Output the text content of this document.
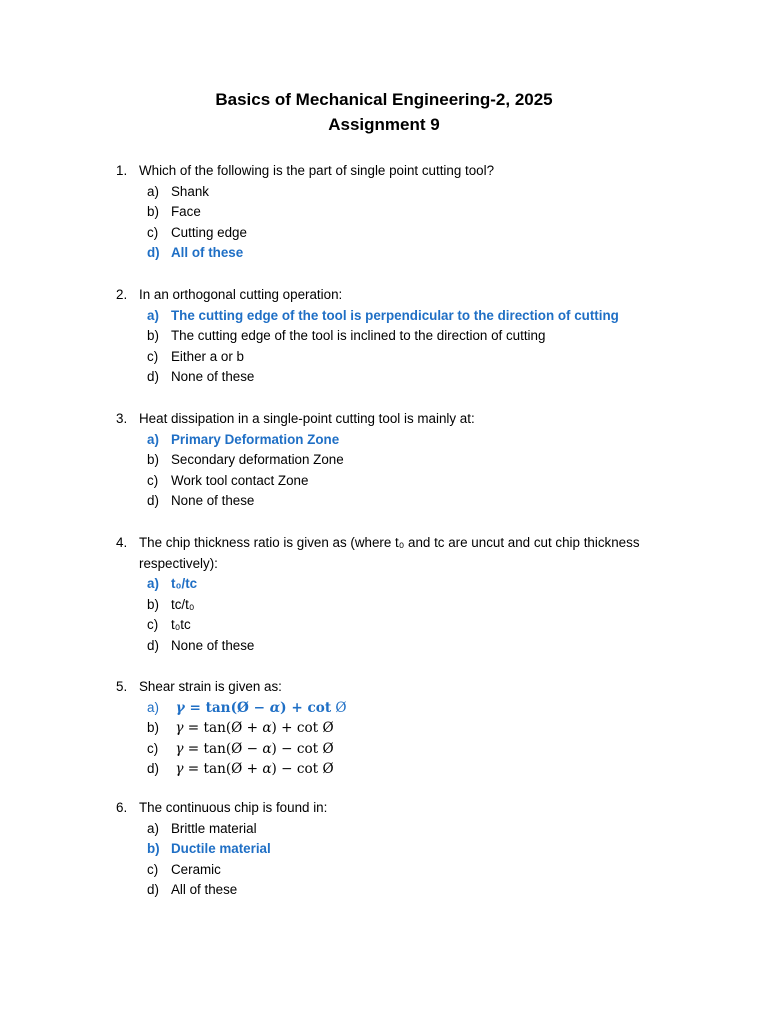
Basics of Mechanical Engineering-2, 2025
Assignment 9
1. Which of the following is the part of single point cutting tool?
a) Shank
b) Face
c) Cutting edge
d) All of these
2. In an orthogonal cutting operation:
a) The cutting edge of the tool is perpendicular to the direction of cutting
b) The cutting edge of the tool is inclined to the direction of cutting
c) Either a or b
d) None of these
3. Heat dissipation in a single-point cutting tool is mainly at:
a) Primary Deformation Zone
b) Secondary deformation Zone
c) Work tool contact Zone
d) None of these
4. The chip thickness ratio is given as (where t₀ and tc are uncut and cut chip thickness
respectively):
a) t₀/tc
b) tc/t₀
c) t₀tc
d) None of these
5. Shear strain is given as:
a)	γ = tan(Ø − α) + cot Ø
b)	γ = tan(Ø + α) + cot Ø
c)	γ = tan(Ø − α) − cot Ø
d)	γ = tan(Ø + α) − cot Ø
6. The continuous chip is found in:
a) Brittle material
b) Ductile material
c) Ceramic
d) All of these
